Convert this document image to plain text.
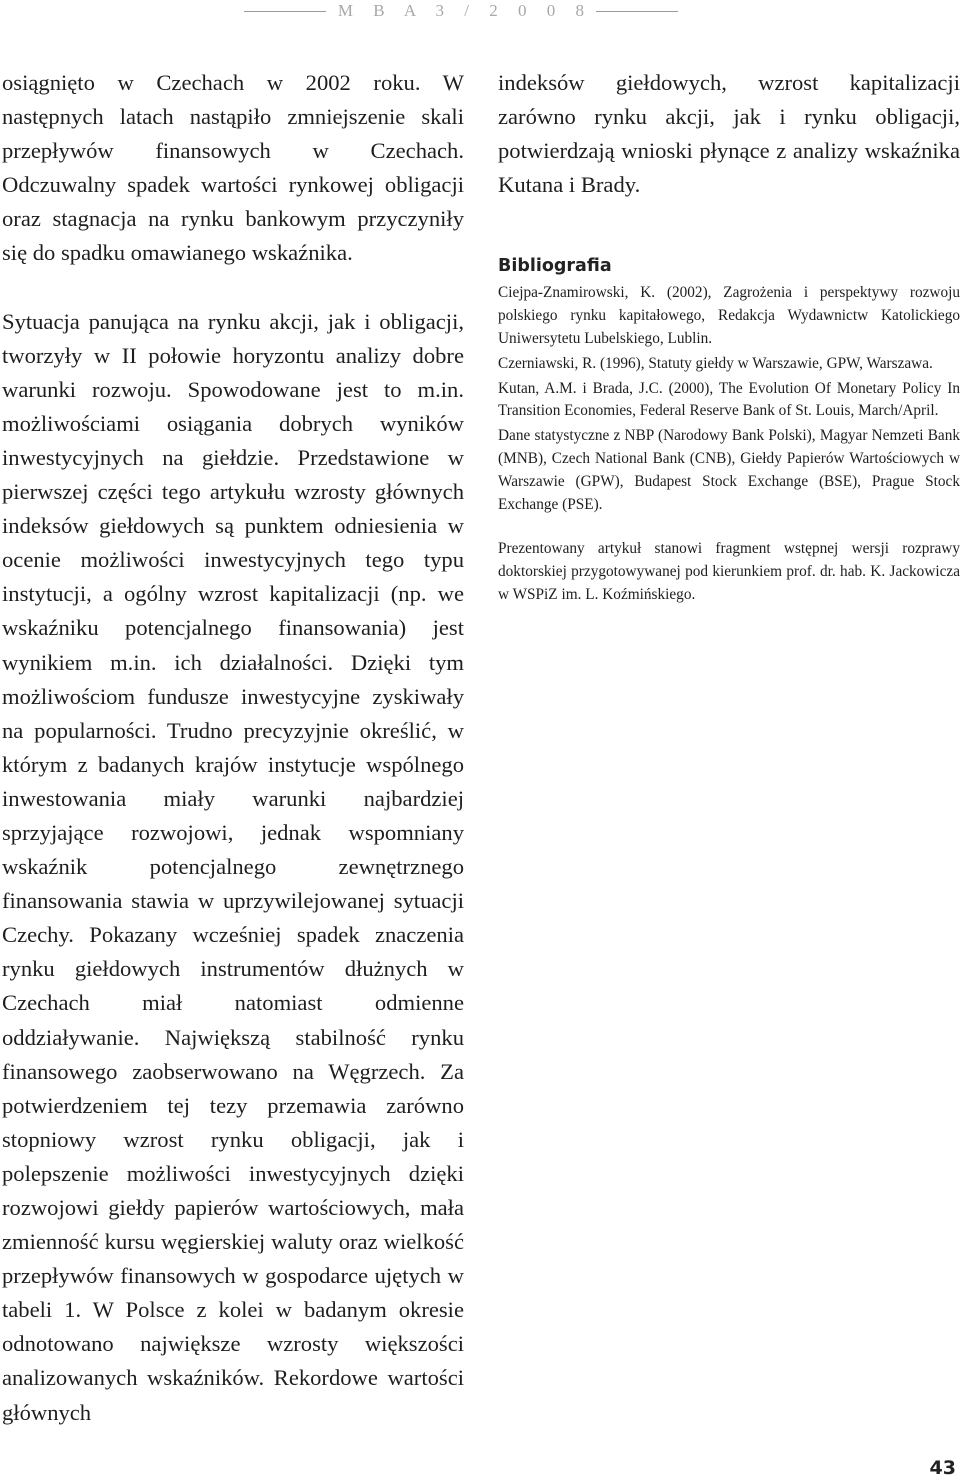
M B A 3 / 2 0 0 8

osiągnięto w Czechach w 2002 roku. W następnych latach nastąpiło zmniejszenie skali przepływów finansowych w Czechach. Odczuwalny spadek wartości rynkowej obligacji oraz stagnacja na rynku bankowym przyczyniły się do spadku omawianego wskaźnika.

Sytuacja panująca na rynku akcji, jak i obligacji, tworzyły w II połowie horyzontu analizy dobre warunki rozwoju. Spowodowane jest to m.in. możliwościami osiągania dobrych wyników inwestycyjnych na giełdzie. Przedstawione w pierwszej części tego artykułu wzrosty głównych indeksów giełdowych są punktem odniesienia w ocenie możliwości inwestycyjnych tego typu instytucji, a ogólny wzrost kapitalizacji (np. we wskaźniku potencjalnego finansowania) jest wynikiem m.in. ich działalności. Dzięki tym możliwościom fundusze inwestycyjne zyskiwały na popularności. Trudno precyzyjnie określić, w którym z badanych krajów instytucje wspólnego inwestowania miały warunki najbardziej sprzyjające rozwojowi, jednak wspomniany wskaźnik potencjalnego zewnętrznego finansowania stawia w uprzywilejowanej sytuacji Czechy. Pokazany wcześniej spadek znaczenia rynku giełdowych instrumentów dłużnych w Czechach miał natomiast odmienne oddziaływanie. Największą stabilność rynku finansowego zaobserwowano na Węgrzech. Za potwierdzeniem tej tezy przemawia zarówno stopniowy wzrost rynku obligacji, jak i polepszenie możliwości inwestycyjnych dzięki rozwojowi giełdy papierów wartościowych, mała zmienność kursu węgierskiej waluty oraz wielkość przepływów finansowych w gospodarce ujętych w tabeli 1. W Polsce z kolei w badanym okresie odnotowano największe wzrosty większości analizowanych wskaźników. Rekordowe wartości głównych

indeksów giełdowych, wzrost kapitalizacji zarówno rynku akcji, jak i rynku obligacji, potwierdzają wnioski płynące z analizy wskaźnika Kutana i Brady.

Bibliografia

Ciejpa-Znamirowski, K. (2002), Zagrożenia i perspektywy rozwoju polskiego rynku kapitałowego, Redakcja Wydawnictw Katolickiego Uniwersytetu Lubelskiego, Lublin.

Czerniawski, R. (1996), Statuty giełdy w Warszawie, GPW, Warszawa.

Kutan, A.M. i Brada, J.C. (2000), The Evolution Of Monetary Policy In Transition Economies, Federal Reserve Bank of St. Louis, March/April.

Dane statystyczne z NBP (Narodowy Bank Polski), Magyar Nemzeti Bank (MNB), Czech National Bank (CNB), Giełdy Papierów Wartościowych w Warszawie (GPW), Budapest Stock Exchange (BSE), Prague Stock Exchange (PSE).

Prezentowany artykuł stanowi fragment wstępnej wersji rozprawy doktorskiej przygotowywanej pod kierunkiem prof. dr. hab. K. Jackowicza w WSPiZ im. L. Koźmińskiego.

43
